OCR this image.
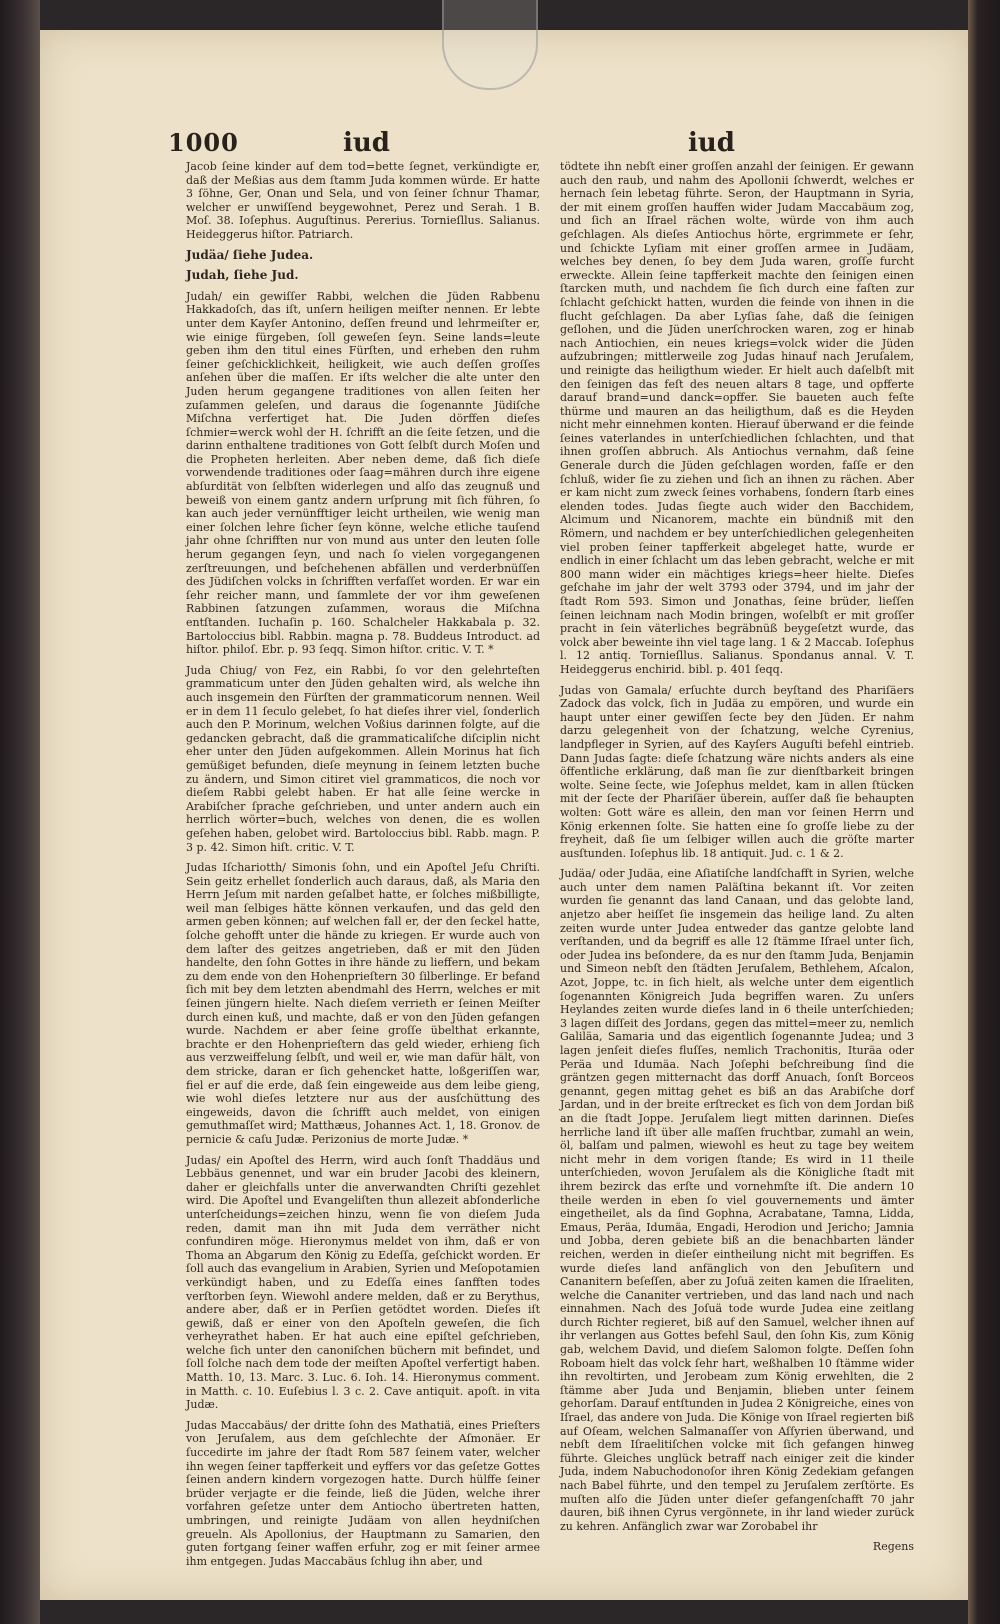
1000	iud	iud

Jacob ſeine kinder auf dem tod=bette ſegnet, verkündigte er, daß der Meßias aus dem ſtamm Juda kommen würde. Er hatte 3 ſöhne, Ger, Onan und Sela, und von ſeiner ſchnur Thamar, welcher er unwiſſend beygewohnet, Perez und Serah. 1 B. Moſ. 38. Ioſephus. Auguſtinus. Pererius. Tornieſllus. Salianus. Heideggerus hiſtor. Patriarch.

Judäa/ ſiehe Judea.

Judah, ſiehe Jud.

Judah/ ein gewiſſer Rabbi, welchen die Jüden Rabbenu Hakkadoſch, das iſt, unſern heiligen meiſter nennen. Er lebte unter dem Kayſer Antonino, deſſen freund und lehrmeiſter er, wie einige fürgeben, ſoll geweſen ſeyn. Seine lands=leute geben ihm den titul eines Fürſten, und erheben den ruhm ſeiner geſchicklichkeit, heiligkeit, wie auch deſſen groſſes anſehen über die maſſen. Er iſts welcher die alte unter den Juden herum gegangene traditiones von allen ſeiten her zuſammen geleſen, und daraus die ſogenannte Jüdiſche Miſchna verfertiget hat. Die Juden dörffen dieſes ſchmier=werck wohl der H. ſchrifft an die ſeite ſetzen, und die darinn enthaltene traditiones von Gott ſelbſt durch Moſen und die Propheten herleiten. Aber neben deme, daß ſich dieſe vorwendende traditiones oder ſaag=mähren durch ihre eigene abſurdität von ſelbſten widerlegen und alſo das zeugnuß und beweiß von einem gantz andern urſprung mit ſich führen, ſo kan auch jeder vernünfftiger leicht urtheilen, wie wenig man einer ſolchen lehre ſicher ſeyn könne, welche etliche tauſend jahr ohne ſchrifften nur von mund aus unter den leuten ſolle herum gegangen ſeyn, und nach ſo vielen vorgegangenen zerſtreuungen, und beſchehenen abfällen und verderbnüſſen des Jüdiſchen volcks in ſchrifften verfaſſet worden. Er war ein ſehr reicher mann, und ſammlete der vor ihm geweſenen Rabbinen ſatzungen zuſammen, woraus die Miſchna entſtanden. Iuchaſin p. 160. Schalcheler Hakkabala p. 32. Bartoloccius bibl. Rabbin. magna p. 78. Buddeus Introduct. ad hiſtor. philoſ. Ebr. p. 93 ſeqq. Simon hiſtor. critic. V. T. *

Juda Chiug/ von Fez, ein Rabbi, ſo vor den gelehrteſten grammaticum unter den Jüden gehalten wird, als welche ihn auch insgemein den Fürſten der grammaticorum nennen. Weil er in dem 11 ſeculo gelebet, ſo hat dieſes ihrer viel, ſonderlich auch den P. Morinum, welchen Voßius darinnen folgte, auf die gedancken gebracht, daß die grammaticaliſche diſciplin nicht eher unter den Jüden aufgekommen. Allein Morinus hat ſich gemüßiget befunden, dieſe meynung in ſeinem letzten buche zu ändern, und Simon citiret viel grammaticos, die noch vor dieſem Rabbi gelebt haben. Er hat alle ſeine wercke in Arabiſcher ſprache geſchrieben, und unter andern auch ein herrlich wörter=buch, welches von denen, die es wollen geſehen haben, gelobet wird. Bartoloccius bibl. Rabb. magn. P. 3 p. 42. Simon hiſt. critic. V. T.

Judas Iſchariotth/ Simonis ſohn, und ein Apoſtel Jeſu Chriſti. Sein geitz erhellet ſonderlich auch daraus, daß, als Maria den Herrn Jeſum mit narden geſalbet hatte, er ſolches mißbilligte, weil man ſelbiges hätte können verkaufen, und das geld den armen geben können; auf welchen fall er, der den ſeckel hatte, ſolche gehofft unter die hände zu kriegen. Er wurde auch von dem laſter des geitzes angetrieben, daß er mit den Jüden handelte, den ſohn Gottes in ihre hände zu lieffern, und bekam zu dem ende von den Hohenprieſtern 30 ſilberlinge. Er befand ſich mit bey dem letzten abendmahl des Herrn, welches er mit ſeinen jüngern hielte. Nach dieſem verrieth er ſeinen Meiſter durch einen kuß, und machte, daß er von den Jüden gefangen wurde. Nachdem er aber ſeine groſſe übelthat erkannte, brachte er den Hohenprieſtern das geld wieder, erhieng ſich aus verzweiffelung ſelbſt, und weil er, wie man dafür hält, von dem stricke, daran er ſich gehencket hatte, loßgeriſſen war, fiel er auf die erde, daß ſein eingeweide aus dem leibe gieng, wie wohl dieſes letztere nur aus der ausſchüttung des eingeweids, davon die ſchrifft auch meldet, von einigen gemuthmaſſet wird; Matthæus, Johannes Act. 1, 18. Gronov. de pernicie & caſu Judæ. Perizonius de morte Judæ. *

Judas/ ein Apoſtel des Herrn, wird auch ſonſt Thaddäus und Lebbäus genennet, und war ein bruder Jacobi des kleinern, daher er gleichfalls unter die anverwandten Chriſti gezehlet wird. Die Apoſtel und Evangeliſten thun allezeit abſonderliche unterſcheidungs=zeichen hinzu, wenn ſie von dieſem Juda reden, damit man ihn mit Juda dem verräther nicht confundiren möge. Hieronymus meldet von ihm, daß er von Thoma an Abgarum den König zu Edeſſa, geſchickt worden. Er ſoll auch das evangelium in Arabien, Syrien und Meſopotamien verkündigt haben, und zu Edeſſa eines ſanfften todes verſtorben ſeyn. Wiewohl andere melden, daß er zu Berythus, andere aber, daß er in Perſien getödtet worden. Dieſes iſt gewiß, daß er einer von den Apoſteln geweſen, die ſich verheyrathet haben. Er hat auch eine epiſtel geſchrieben, welche ſich unter den canoniſchen büchern mit befindet, und ſoll ſolche nach dem tode der meiſten Apoſtel verfertigt haben. Matth. 10, 13. Marc. 3. Luc. 6. Ioh. 14. Hieronymus comment. in Matth. c. 10. Euſebius l. 3 c. 2. Cave antiquit. apoſt. in vita Judæ.

Judas Maccabäus/ der dritte ſohn des Mathatiä, eines Prieſters von Jeruſalem, aus dem geſchlechte der Aſmonäer. Er ſuccedirte im jahre der ſtadt Rom 587 ſeinem vater, welcher ihn wegen ſeiner tapfferkeit und eyffers vor das geſetze Gottes ſeinen andern kindern vorgezogen hatte. Durch hülffe ſeiner brüder verjagte er die feinde, ließ die Jüden, welche ihrer vorfahren geſetze unter dem Antiocho übertreten hatten, umbringen, und reinigte Judäam von allen heydniſchen greueln. Als Apollonius, der Hauptmann zu Samarien, den guten fortgang ſeiner waffen erfuhr, zog er mit ſeiner armee ihm entgegen. Judas Maccabäus ſchlug ihn aber, und

tödtete ihn nebſt einer groſſen anzahl der ſeinigen. Er gewann auch den raub, und nahm des Apollonii ſchwerdt, welches er hernach ſein lebetag führte. Seron, der Hauptmann in Syria, der mit einem groſſen hauffen wider Judam Maccabäum zog, und ſich an Iſrael rächen wolte, würde von ihm auch geſchlagen. Als dieſes Antiochus hörte, ergrimmete er ſehr, und ſchickte Lyſiam mit einer groſſen armee in Judäam, welches bey denen, ſo bey dem Juda waren, groſſe furcht erweckte. Allein ſeine tapfferkeit machte den ſeinigen einen ſtarcken muth, und nachdem ſie ſich durch eine faſten zur ſchlacht geſchickt hatten, wurden die feinde von ihnen in die flucht geſchlagen. Da aber Lyſias ſahe, daß die ſeinigen geſlohen, und die Jüden unerſchrocken waren, zog er hinab nach Antiochien, ein neues kriegs=volck wider die Jüden aufzubringen; mittlerweile zog Judas hinauf nach Jeruſalem, und reinigte das heiligthum wieder. Er hielt auch daſelbſt mit den ſeinigen das feſt des neuen altars 8 tage, und opfferte darauf brand=und danck=opffer. Sie baueten auch feſte thürme und mauren an das heiligthum, daß es die Heyden nicht mehr einnehmen konten. Hierauf überwand er die feinde ſeines vaterlandes in unterſchiedlichen ſchlachten, und that ihnen groſſen abbruch. Als Antiochus vernahm, daß ſeine Generale durch die Jüden geſchlagen worden, faſſe er den ſchluß, wider ſie zu ziehen und ſich an ihnen zu rächen. Aber er kam nicht zum zweck ſeines vorhabens, ſondern ſtarb eines elenden todes. Judas ſiegte auch wider den Bacchidem, Alcimum und Nicanorem, machte ein bündniß mit den Römern, und nachdem er bey unterſchiedlichen gelegenheiten viel proben ſeiner tapfferkeit abgeleget hatte, wurde er endlich in einer ſchlacht um das leben gebracht, welche er mit 800 mann wider ein mächtiges kriegs=heer hielte. Dieſes geſchahe im jahr der welt 3793 oder 3794, und im jahr der ſtadt Rom 593. Simon und Jonathas, ſeine brüder, lieſſen ſeinen leichnam nach Modin bringen, woſelbſt er mit groſſer pracht in ſein väterliches begräbnüß beygeſetzt wurde, das volck aber beweinte ihn viel tage lang. 1 & 2 Maccab. Ioſephus l. 12 antiq. Tornieſllus. Salianus. Spondanus annal. V. T. Heideggerus enchirid. bibl. p. 401 ſeqq.

Judas von Gamala/ erſuchte durch beyſtand des Phariſäers Zadock das volck, ſich in Judäa zu empören, und wurde ein haupt unter einer gewiſſen ſecte bey den Jüden. Er nahm darzu gelegenheit von der ſchatzung, welche Cyrenius, landpfleger in Syrien, auf des Kayſers Auguſti befehl eintrieb. Dann Judas ſagte: dieſe ſchatzung wäre nichts anders als eine öffentliche erklärung, daß man ſie zur dienſtbarkeit bringen wolte. Seine ſecte, wie Joſephus meldet, kam in allen ſtücken mit der ſecte der Phariſäer überein, auſſer daß ſie behaupten wolten: Gott wäre es allein, den man vor ſeinen Herrn und König erkennen ſolte. Sie hatten eine ſo groſſe liebe zu der freyheit, daß ſie um ſelbiger willen auch die gröſte marter ausſtunden. Ioſephus lib. 18 antiquit. Jud. c. 1 & 2.

Judäa/ oder Judäa, eine Aſiatiſche landſchafft in Syrien, welche auch unter dem namen Paläſtina bekannt iſt. Vor zeiten wurden ſie genannt das land Canaan, und das gelobte land, anjetzo aber heiſſet ſie insgemein das heilige land. Zu alten zeiten wurde unter Judea entweder das gantze gelobte land verſtanden, und da begriff es alle 12 ſtämme Iſrael unter ſich, oder Judea ins beſondere, da es nur den ſtamm Juda, Benjamin und Simeon nebſt den ſtädten Jeruſalem, Bethlehem, Aſcalon, Azot, Joppe, tc. in ſich hielt, als welche unter dem eigentlich ſogenannten Königreich Juda begriffen waren. Zu unſers Heylandes zeiten wurde dieſes land in 6 theile unterſchieden; 3 lagen diſſeit des Jordans, gegen das mittel=meer zu, nemlich Galiläa, Samaria und das eigentlich ſogenannte Judea; und 3 lagen jenſeit dieſes fluſſes, nemlich Trachonitis, Ituräa oder Peräa und Idumäa. Nach Joſephi beſchreibung ſind die gräntzen gegen mitternacht das dorff Anuach, ſonſt Borceos genannt, gegen mittag gehet es biß an das Arabiſche dorf Jardan, und in der breite erſtrecket es ſich von dem Jordan biß an die ſtadt Joppe. Jeruſalem liegt mitten darinnen. Dieſes herrliche land iſt über alle maſſen fruchtbar, zumahl an wein, öl, balſam und palmen, wiewohl es heut zu tage bey weitem nicht mehr in dem vorigen ſtande; Es wird in 11 theile unterſchieden, wovon Jeruſalem als die Königliche ſtadt mit ihrem bezirck das erſte und vornehmſte iſt. Die andern 10 theile werden in eben ſo viel gouvernements und ämter eingetheilet, als da ſind Gophna, Acrabatane, Tamna, Lidda, Emaus, Peräa, Idumäa, Engadi, Herodion und Jericho; Jamnia und Jobba, deren gebiete biß an die benachbarten länder reichen, werden in dieſer eintheilung nicht mit begriffen. Es wurde dieſes land anfänglich von den Jebuſitern und Cananitern beſeſſen, aber zu Joſuä zeiten kamen die Iſraeliten, welche die Cananiter vertrieben, und das land nach und nach einnahmen. Nach des Joſuä tode wurde Judea eine zeitlang durch Richter regieret, biß auf den Samuel, welcher ihnen auf ihr verlangen aus Gottes befehl Saul, den ſohn Kis, zum König gab, welchem David, und dieſem Salomon folgte. Deſſen ſohn Roboam hielt das volck ſehr hart, weßhalben 10 ſtämme wider ihn revoltirten, und Jerobeam zum König erwehlten, die 2 ſtämme aber Juda und Benjamin, blieben unter ſeinem gehorſam. Darauf entſtunden in Judea 2 Königreiche, eines von Iſrael, das andere von Juda. Die Könige von Iſrael regierten biß auf Oſeam, welchen Salmanaſſer von Aſſyrien überwand, und nebſt dem Iſraelitiſchen volcke mit ſich gefangen hinweg führte. Gleiches unglück betraff nach einiger zeit die kinder Juda, indem Nabuchodonoſor ihren König Zedekiam gefangen nach Babel führte, und den tempel zu Jeruſalem zerſtörte. Es muſten alſo die Jüden unter dieſer gefangenſchafft 70 jahr dauren, biß ihnen Cyrus vergönnete, in ihr land wieder zurück zu kehren. Anfänglich zwar war Zorobabel ihr

Regens
